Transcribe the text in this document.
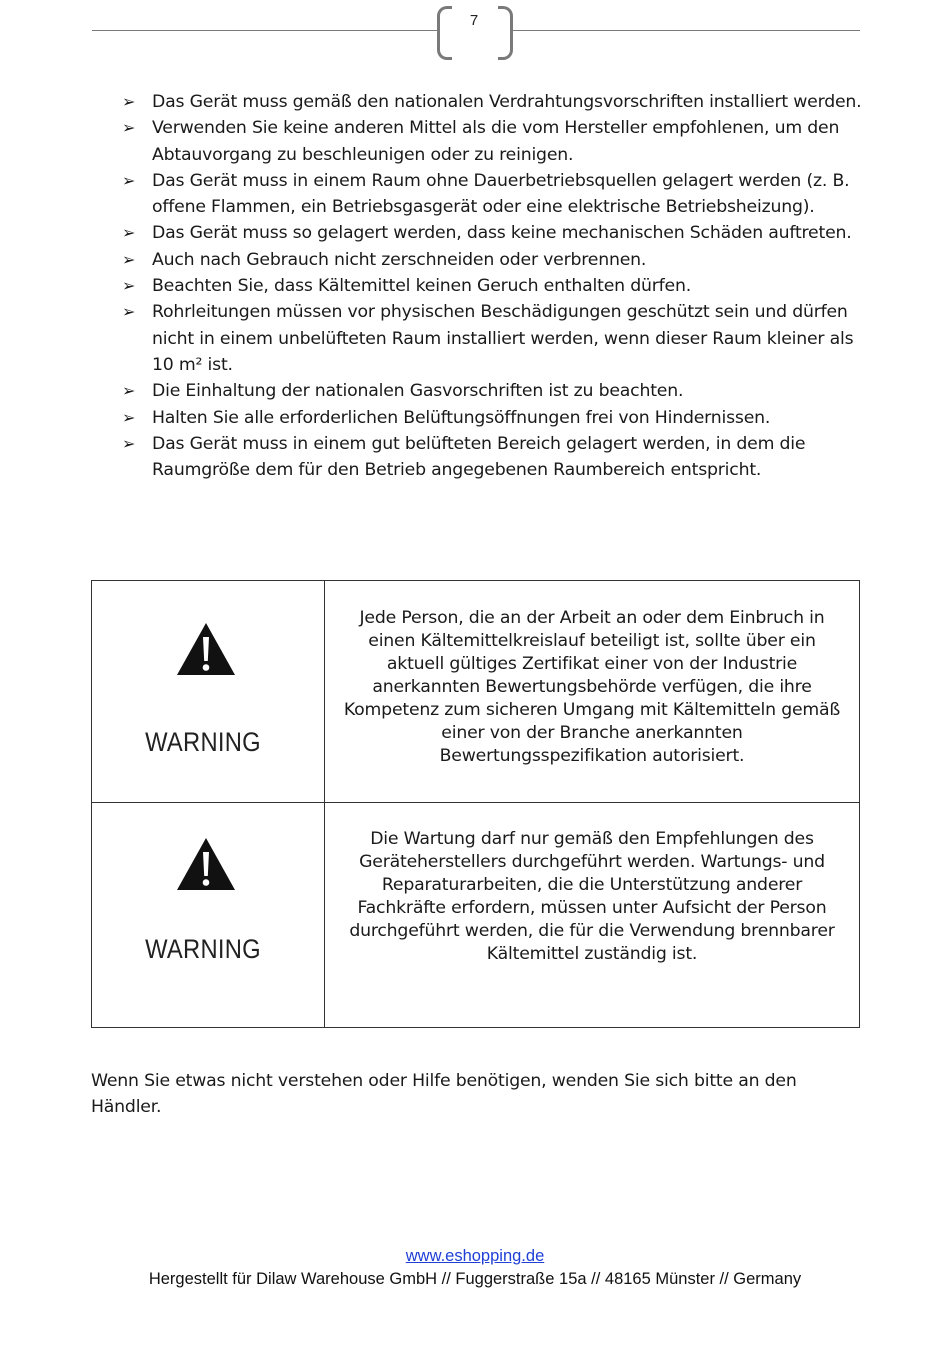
7
➢ Das Gerät muss gemäß den nationalen Verdrahtungsvorschriften installiert werden.
➢ Verwenden Sie keine anderen Mittel als die vom Hersteller empfohlenen, um den Abtauvorgang zu beschleunigen oder zu reinigen.
➢ Das Gerät muss in einem Raum ohne Dauerbetriebsquellen gelagert werden (z. B. offene Flammen, ein Betriebsgasgerät oder eine elektrische Betriebsheizung).
➢ Das Gerät muss so gelagert werden, dass keine mechanischen Schäden auftreten.
➢ Auch nach Gebrauch nicht zerschneiden oder verbrennen.
➢ Beachten Sie, dass Kältemittel keinen Geruch enthalten dürfen.
➢ Rohrleitungen müssen vor physischen Beschädigungen geschützt sein und dürfen nicht in einem unbelüfteten Raum installiert werden, wenn dieser Raum kleiner als 10 m² ist.
➢ Die Einhaltung der nationalen Gasvorschriften ist zu beachten.
➢ Halten Sie alle erforderlichen Belüftungsöffnungen frei von Hindernissen.
➢ Das Gerät muss in einem gut belüfteten Bereich gelagert werden, in dem die Raumgröße dem für den Betrieb angegebenen Raumbereich entspricht.
WARNING
Jede Person, die an der Arbeit an oder dem Einbruch in einen Kältemittelkreislauf beteiligt ist, sollte über ein aktuell gültiges Zertifikat einer von der Industrie anerkannten Bewertungsbehörde verfügen, die ihre Kompetenz zum sicheren Umgang mit Kältemitteln gemäß einer von der Branche anerkannten Bewertungsspezifikation autorisiert.
WARNING
Die Wartung darf nur gemäß den Empfehlungen des Geräteherstellers durchgeführt werden. Wartungs- und Reparaturarbeiten, die die Unterstützung anderer Fachkräfte erfordern, müssen unter Aufsicht der Person durchgeführt werden, die für die Verwendung brennbarer Kältemittel zuständig ist.

Wenn Sie etwas nicht verstehen oder Hilfe benötigen, wenden Sie sich bitte an den Händler.

www.eshopping.de
Hergestellt für Dilaw Warehouse GmbH // Fuggerstraße 15a // 48165 Münster // Germany
